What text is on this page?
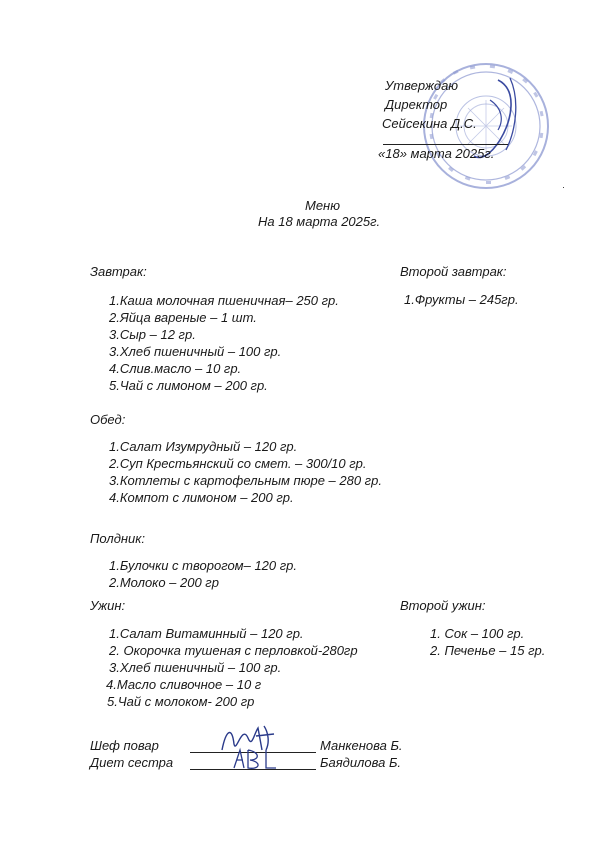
Утверждаю
Директор
Сейсекина Д.С.
«18» марта 2025г.
Меню
На 18 марта 2025г.
Завтрак:
1.Каша молочная пшеничная– 250 гр.
2.Яйца вареные – 1 шт.
3.Сыр – 12 гр.
3.Хлеб пшеничный – 100 гр.
4.Слив.масло – 10 гр.
5.Чай с лимоном – 200 гр.
Второй завтрак:
1.Фрукты – 245гр.
Обед:
1.Салат Изумрудный – 120 гр.
2.Суп Крестьянский со смет. – 300/10 гр.
3.Котлеты с картофельным пюре – 280 гр.
4.Компот с лимоном – 200 гр.
Полдник:
1.Булочки с творогом– 120 гр.
2.Молоко – 200 гр
Ужин:
1.Салат Витаминный – 120 гр.
2. Окорочка тушеная с перловкой-280гр
3.Хлеб пшеничный – 100 гр.
4.Масло сливочное – 10 г
5.Чай с молоком- 200 гр
Второй ужин:
1. Сок – 100 гр.
2. Печенье – 15 гр.
Шеф повар	Манкенова Б.
Диет сестра	Баядилова Б.
·
